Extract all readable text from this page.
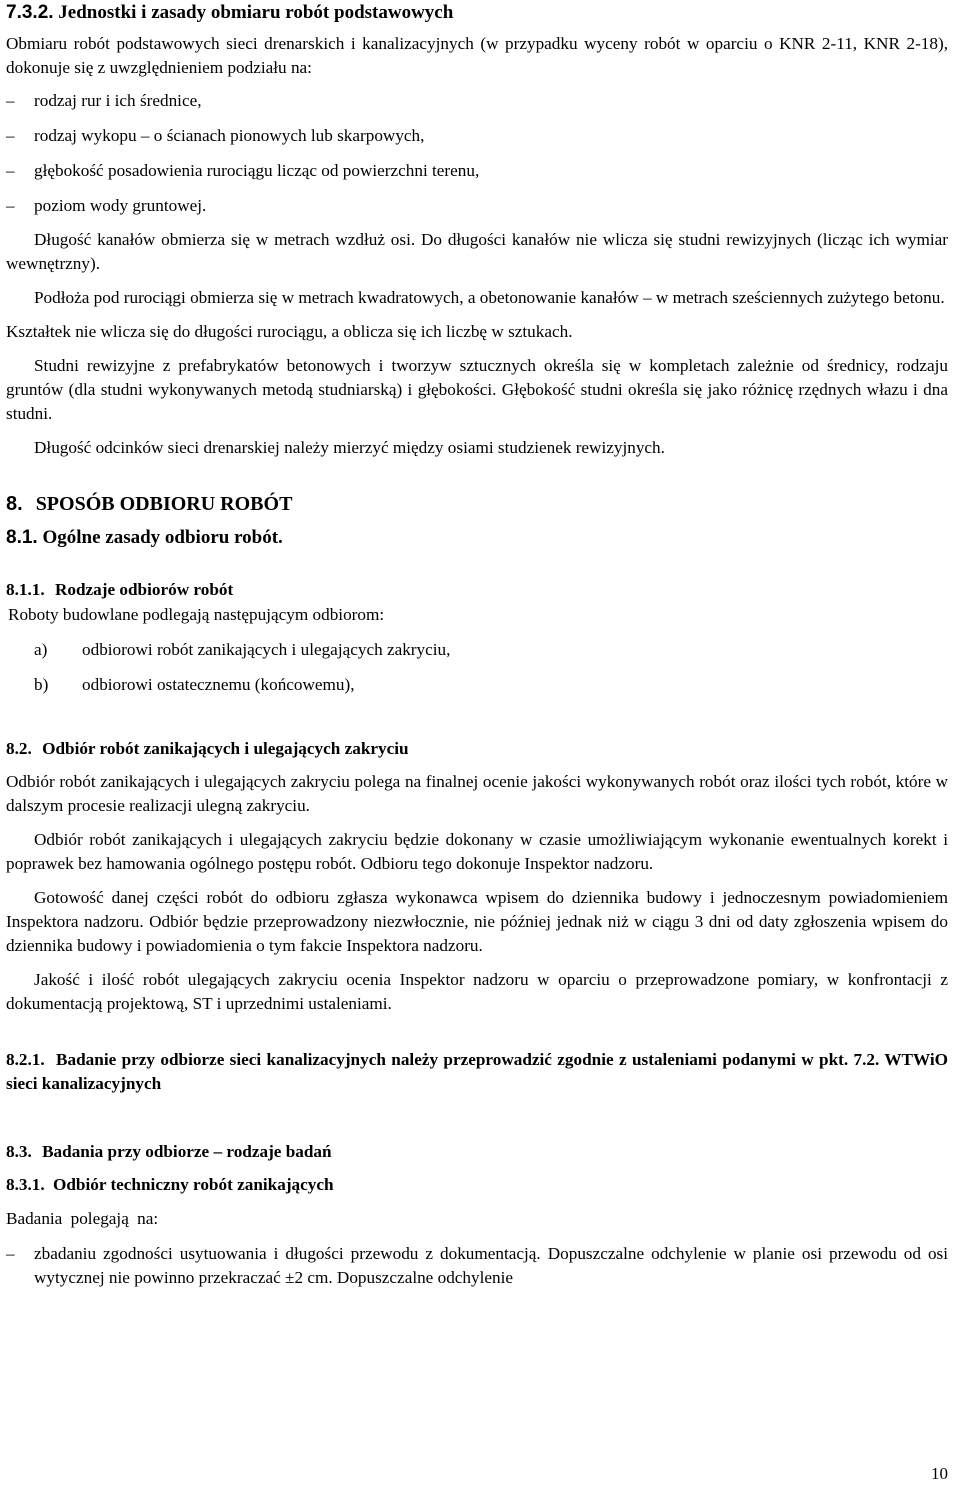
7.3.2. Jednostki i zasady obmiaru robót podstawowych

Obmiaru robót podstawowych sieci drenarskich i kanalizacyjnych (w przypadku wyceny robót w oparciu o KNR 2-11, KNR 2-18), dokonuje się z uwzględnieniem podziału na:

–	rodzaj rur i ich średnice,

–	rodzaj wykopu – o ścianach pionowych lub skarpowych,

–	głębokość posadowienia rurociągu licząc od powierzchni terenu,

–	poziom wody gruntowej.

Długość kanałów obmierza się w metrach wzdłuż osi. Do długości kanałów nie wlicza się studni rewizyjnych (licząc ich wymiar wewnętrzny).

Podłoża pod rurociągi obmierza się w metrach kwadratowych, a obetonowanie kanałów – w metrach sześciennych zużytego betonu.

Kształtek nie wlicza się do długości rurociągu, a oblicza się ich liczbę w sztukach.

Studni rewizyjne z prefabrykatów betonowych i tworzyw sztucznych określa się w kompletach zależnie od średnicy, rodzaju gruntów (dla studni wykonywanych metodą studniarską) i głębokości. Głębokość studni określa się jako różnicę rzędnych włazu i dna studni.

Długość odcinków sieci drenarskiej należy mierzyć między osiami studzienek rewizyjnych.

8. SPOSÓB ODBIORU ROBÓT

8.1. Ogólne zasady odbioru robót.

8.1.1. Rodzaje odbiorów robót

Roboty budowlane podlegają następującym odbiorom:

a)	odbiorowi robót zanikających i ulegających zakryciu,

b)	odbiorowi ostatecznemu (końcowemu),

8.2. Odbiór robót zanikających i ulegających zakryciu

Odbiór robót zanikających i ulegających zakryciu polega na finalnej ocenie jakości wykonywanych robót oraz ilości tych robót, które w dalszym procesie realizacji ulegną zakryciu.

Odbiór robót zanikających i ulegających zakryciu będzie dokonany w czasie umożliwiającym wykonanie ewentualnych korekt i poprawek bez hamowania ogólnego postępu robót. Odbioru tego dokonuje Inspektor nadzoru.

Gotowość danej części robót do odbioru zgłasza wykonawca wpisem do dziennika budowy i jednoczesnym powiadomieniem Inspektora nadzoru. Odbiór będzie przeprowadzony niezwłocznie, nie później jednak niż w ciągu 3 dni od daty zgłoszenia wpisem do dziennika budowy i powiadomienia o tym fakcie Inspektora nadzoru.

Jakość i ilość robót ulegających zakryciu ocenia Inspektor nadzoru w oparciu o przeprowadzone pomiary, w konfrontacji z dokumentacją projektową, ST i uprzednimi ustaleniami.

8.2.1. Badanie przy odbiorze sieci kanalizacyjnych należy przeprowadzić zgodnie z ustaleniami podanymi w pkt. 7.2. WTWiO sieci kanalizacyjnych

8.3. Badania przy odbiorze – rodzaje badań

8.3.1. Odbiór techniczny robót zanikających

Badania polegają na:

–	zbadaniu zgodności usytuowania i długości przewodu z dokumentacją. Dopuszczalne odchylenie w planie osi przewodu od osi wytycznej nie powinno przekraczać ±2 cm. Dopuszczalne odchylenie

10
